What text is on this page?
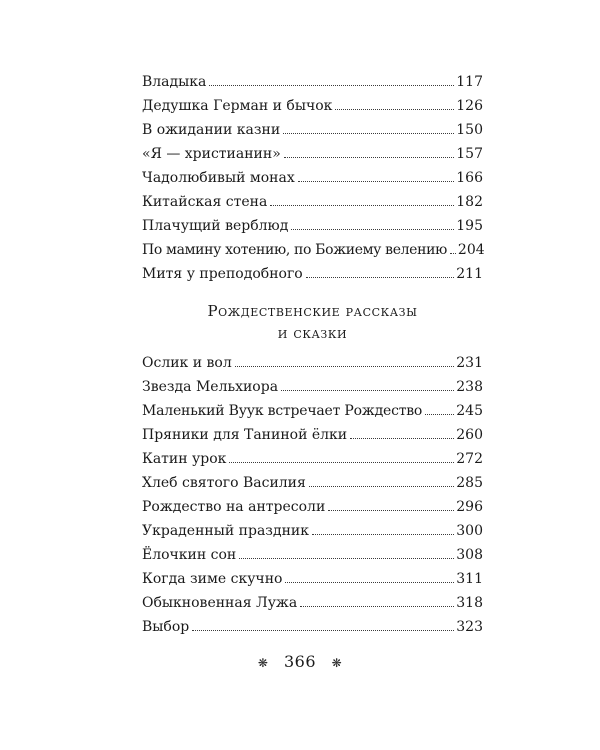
Владыка	117
Дедушка Герман и бычок	126
В ожидании казни	150
«Я — христианин»	157
Чадолюбивый монах	166
Китайская стена	182
Плачущий верблюд	195
По мамину хотению, по Божиему велению 204
Митя у преподобного	211
Рождественские рассказы
и сказки
Ослик и вол	231
Звезда Мельхиора	238
Маленький Вуук встречает Рождество 245
Пряники для Таниной ёлки	260
Катин урок	272
Хлеб святого Василия	285
Рождество на антресоли	296
Украденный праздник	300
Ёлочкин сон	308
Когда зиме скучно	311
Обыкновенная Лужа	318
Выбор	323
❋ 366 ❋
